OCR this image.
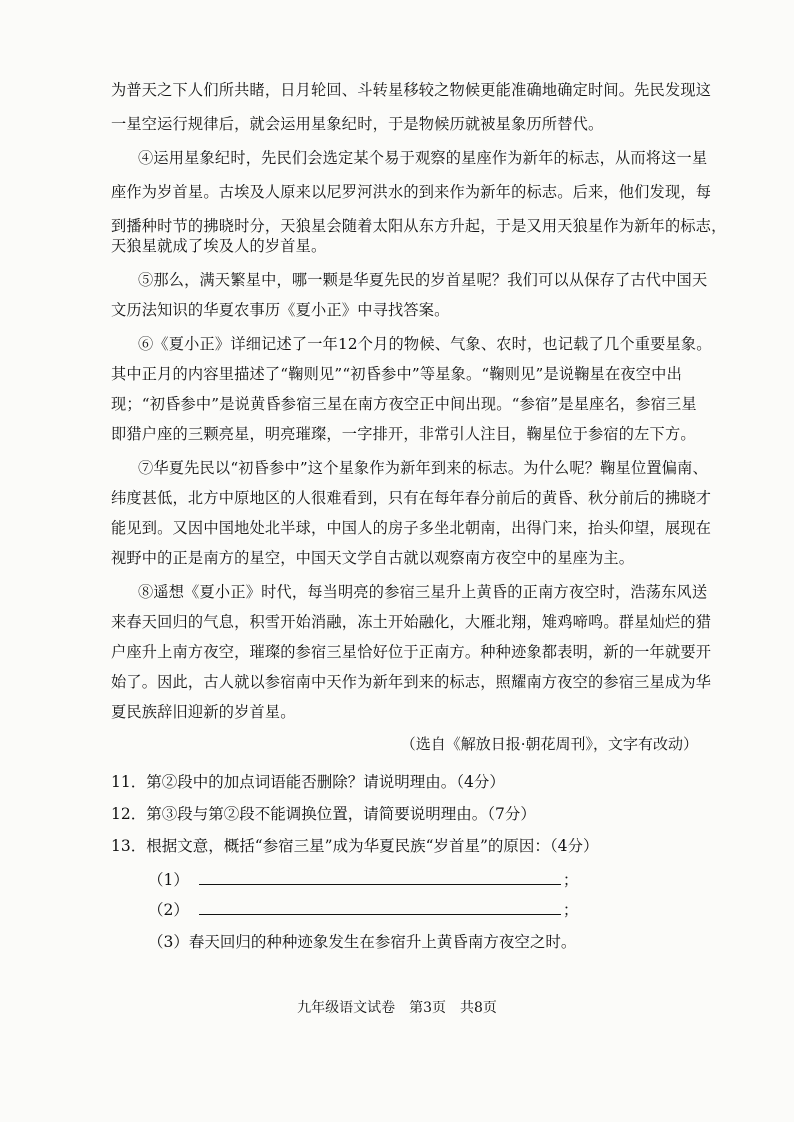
为普天之下人们所共睹，日月轮回、斗转星移较之物候更能准确地确定时间。先民发现这
一星空运行规律后，就会运用星象纪时，于是物候历就被星象历所替代。
④运用星象纪时，先民们会选定某个易于观察的星座作为新年的标志，从而将这一星
座作为岁首星。古埃及人原来以尼罗河洪水的到来作为新年的标志。后来，他们发现，每
到播种时节的拂晓时分，天狼星会随着太阳从东方升起，于是又用天狼星作为新年的标志，
天狼星就成了埃及人的岁首星。
⑤那么，满天繁星中，哪一颗是华夏先民的岁首星呢？我们可以从保存了古代中国天
文历法知识的华夏农事历《夏小正》中寻找答案。
⑥《夏小正》详细记述了一年12个月的物候、气象、农时，也记载了几个重要星象。
其中正月的内容里描述了“鞠则见”“初昏参中”等星象。“鞠则见”是说鞠星在夜空中出
现；“初昏参中”是说黄昏参宿三星在南方夜空正中间出现。“参宿”是星座名，参宿三星
即猎户座的三颗亮星，明亮璀璨，一字排开，非常引人注目，鞠星位于参宿的左下方。
⑦华夏先民以“初昏参中”这个星象作为新年到来的标志。为什么呢？鞠星位置偏南、
纬度甚低，北方中原地区的人很难看到，只有在每年春分前后的黄昏、秋分前后的拂晓才
能见到。又因中国地处北半球，中国人的房子多坐北朝南，出得门来，抬头仰望，展现在
视野中的正是南方的星空，中国天文学自古就以观察南方夜空中的星座为主。
⑧遥想《夏小正》时代，每当明亮的参宿三星升上黄昏的正南方夜空时，浩荡东风送
来春天回归的气息，积雪开始消融，冻土开始融化，大雁北翔，雉鸡啼鸣。群星灿烂的猎
户座升上南方夜空，璀璨的参宿三星恰好位于正南方。种种迹象都表明，新的一年就要开
始了。因此，古人就以参宿南中天作为新年到来的标志，照耀南方夜空的参宿三星成为华
夏民族辞旧迎新的岁首星。
（选自《解放日报·朝花周刊》，文字有改动）
11．第②段中的加点词语能否删除？请说明理由。（4分）
12．第③段与第②段不能调换位置，请简要说明理由。（7分）
13．根据文意，概括“参宿三星”成为华夏民族“岁首星”的原因：（4分）
（1）	；
（2）	；
（3）春天回归的种种迹象发生在参宿升上黄昏南方夜空之时。
九年级语文试卷　第3页　共8页
